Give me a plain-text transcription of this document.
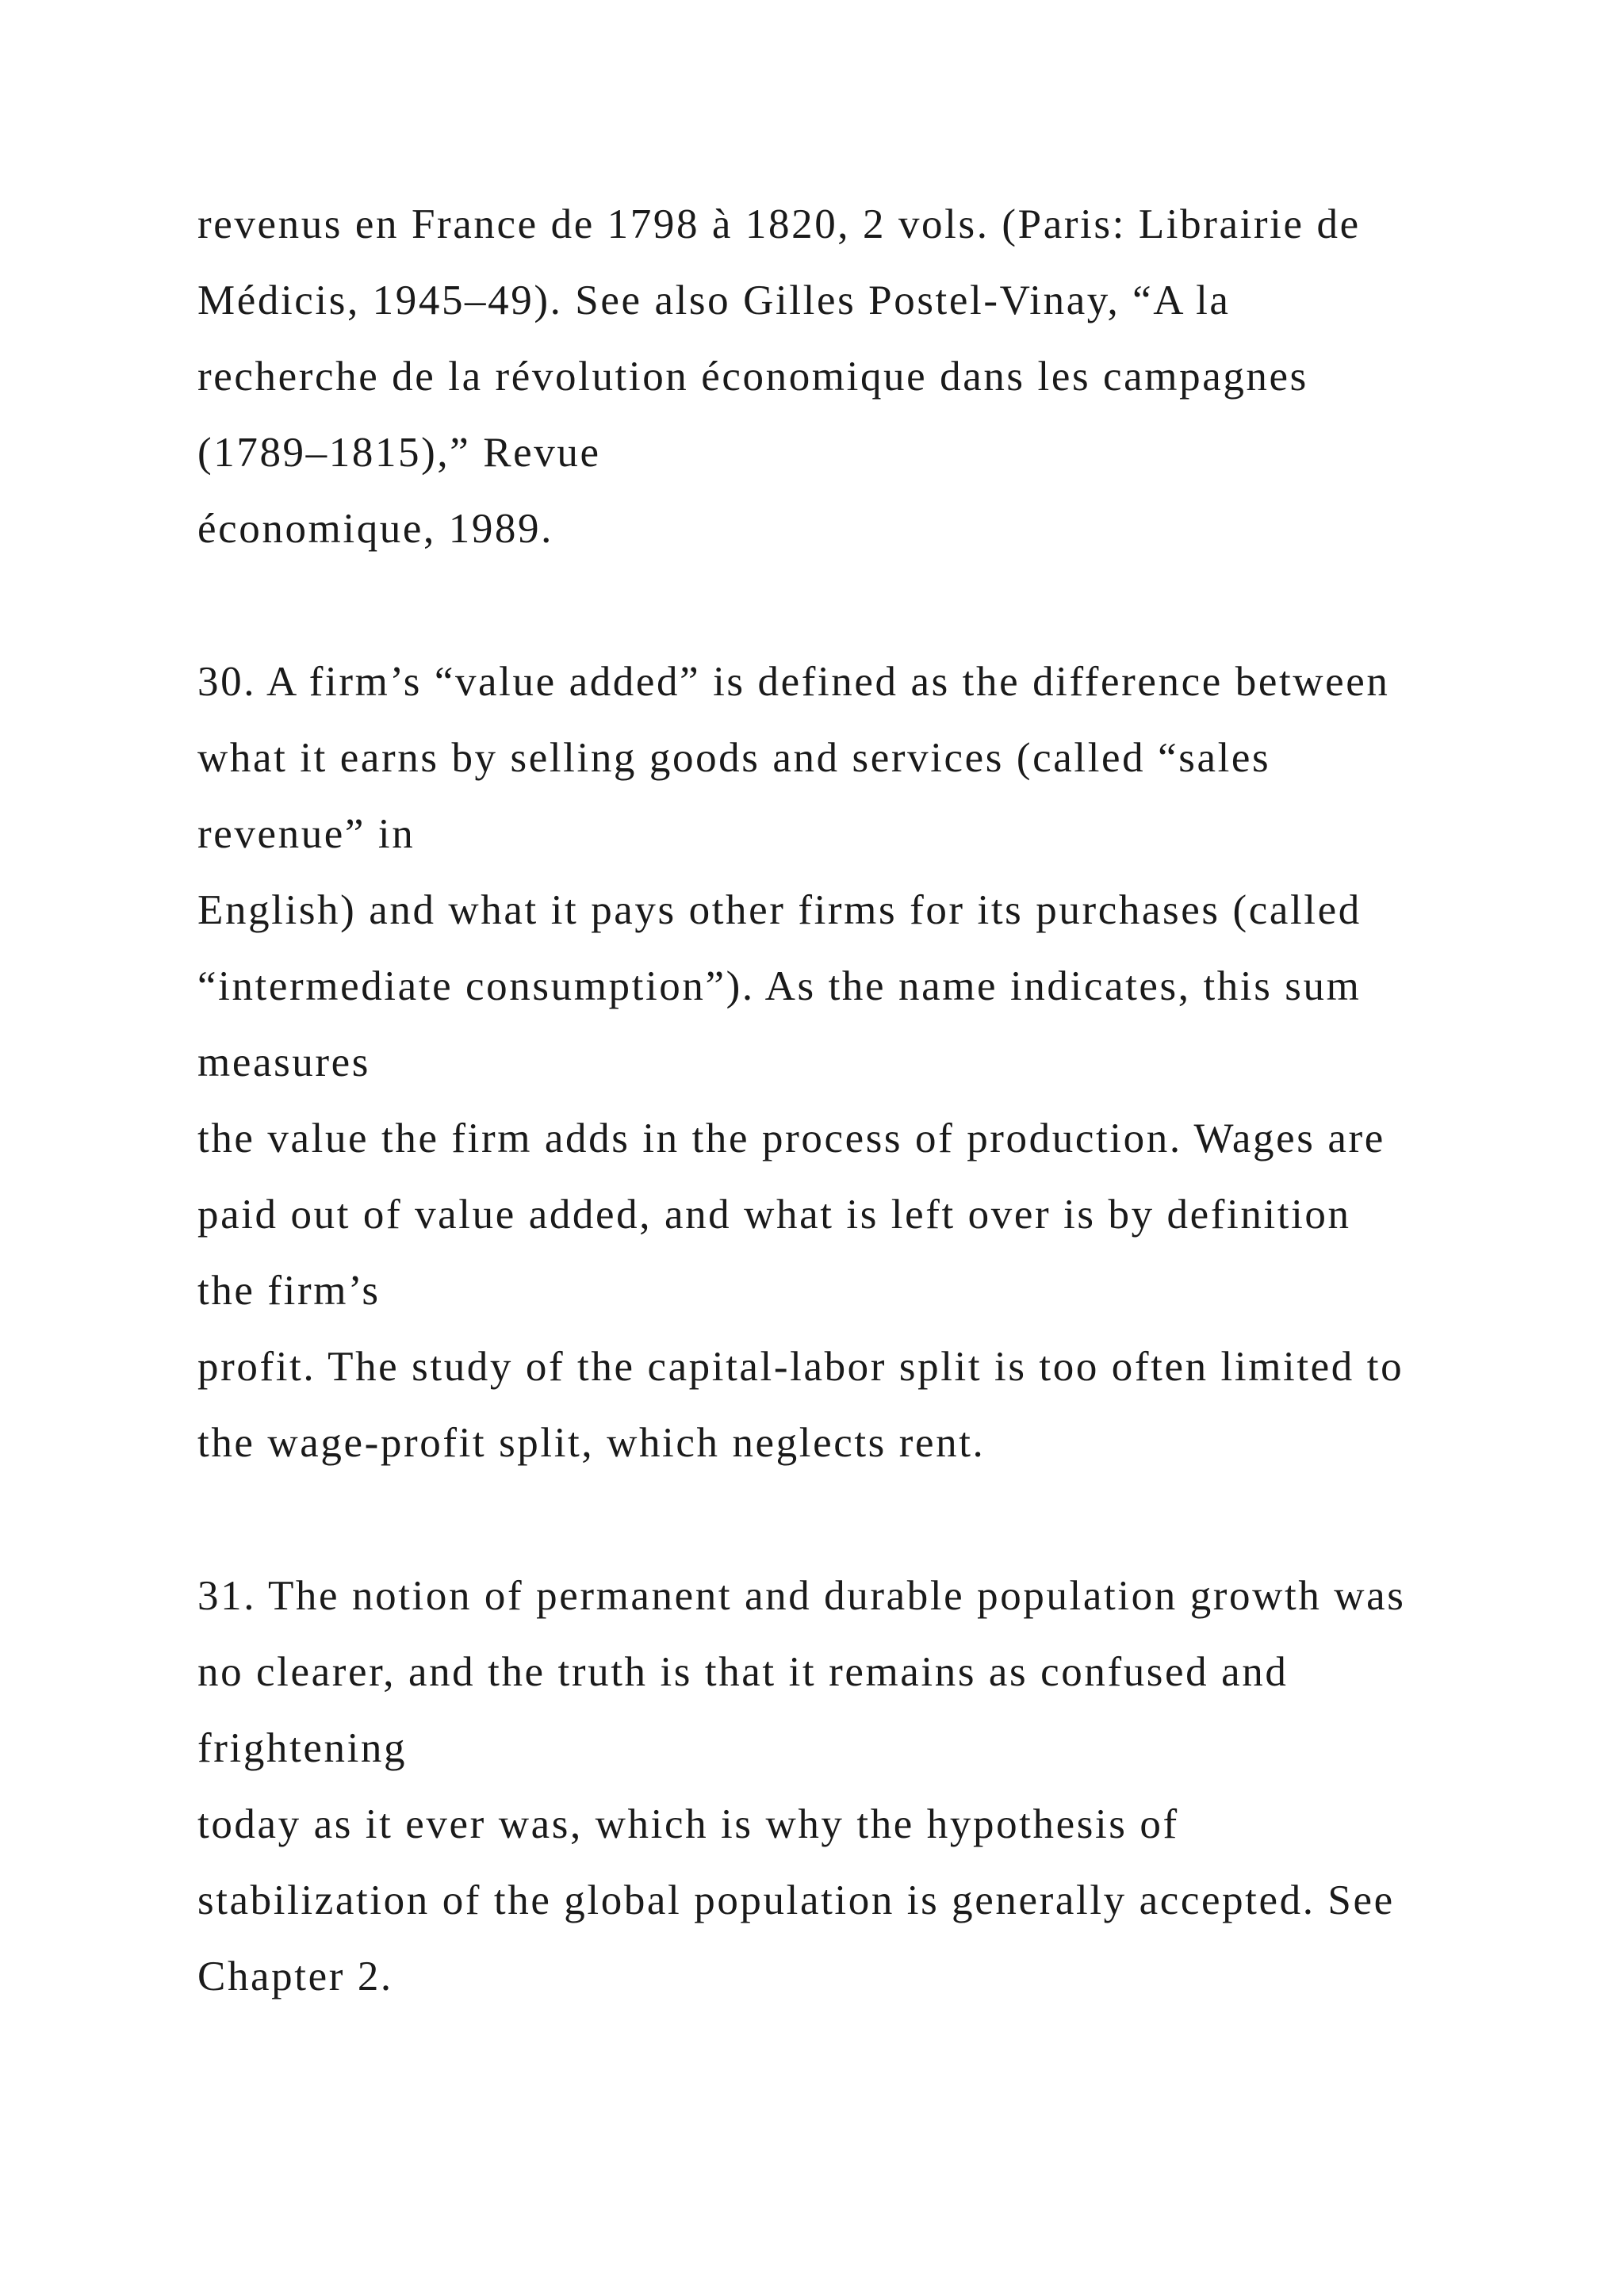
revenus en France de 1798 à 1820, 2 vols. (Paris: Librairie de
Médicis, 1945–49). See also Gilles Postel-Vinay, “A la
recherche de la révolution économique dans les campagnes
(1789–1815),” Revue
économique, 1989.
30. A firm’s “value added” is defined as the difference between
what it earns by selling goods and services (called “sales
revenue” in
English) and what it pays other firms for its purchases (called
“intermediate consumption”). As the name indicates, this sum
measures
the value the firm adds in the process of production. Wages are
paid out of value added, and what is left over is by definition
the firm’s
profit. The study of the capital-labor split is too often limited to
the wage-profit split, which neglects rent.
31. The notion of permanent and durable population growth was
no clearer, and the truth is that it remains as confused and
frightening
today as it ever was, which is why the hypothesis of
stabilization of the global population is generally accepted. See
Chapter 2.
